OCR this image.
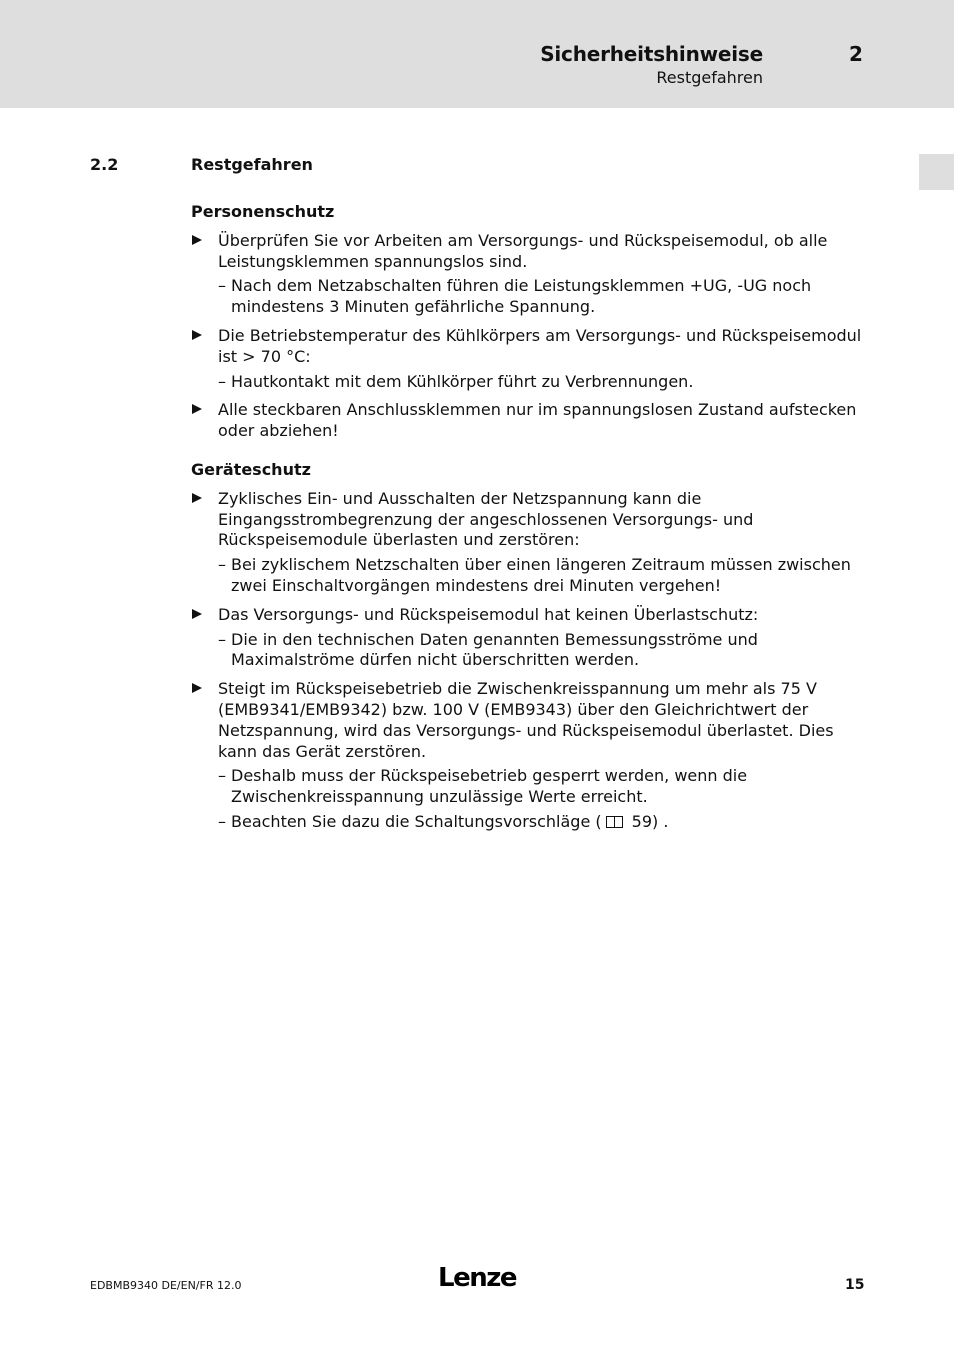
Sicherheitshinweise	2
Restgefahren
2.2	Restgefahren
Personenschutz
Überprüfen Sie vor Arbeiten am Versorgungs- und Rückspeisemodul, ob alle Leistungsklemmen spannungslos sind.
– Nach dem Netzabschalten führen die Leistungsklemmen +UG, -UG noch mindestens 3 Minuten gefährliche Spannung.
Die Betriebstemperatur des Kühlkörpers am Versorgungs- und Rückspeisemodul ist > 70 °C:
– Hautkontakt mit dem Kühlkörper führt zu Verbrennungen.
Alle steckbaren Anschlussklemmen nur im spannungslosen Zustand aufstecken oder abziehen!
Geräteschutz
Zyklisches Ein- und Ausschalten der Netzspannung kann die Eingangsstrombegrenzung der angeschlossenen Versorgungs- und Rückspeisemodule überlasten und zerstören:
– Bei zyklischem Netzschalten über einen längeren Zeitraum müssen zwischen zwei Einschaltvorgängen mindestens drei Minuten vergehen!
Das Versorgungs- und Rückspeisemodul hat keinen Überlastschutz:
– Die in den technischen Daten genannten Bemessungsströme und Maximalströme dürfen nicht überschritten werden.
Steigt im Rückspeisebetrieb die Zwischenkreisspannung um mehr als 75 V (EMB9341/EMB9342) bzw. 100 V (EMB9343) über den Gleichrichtwert der Netzspannung, wird das Versorgungs- und Rückspeisemodul überlastet. Dies kann das Gerät zerstören.
– Deshalb muss der Rückspeisebetrieb gesperrt werden, wenn die Zwischenkreisspannung unzulässige Werte erreicht.
– Beachten Sie dazu die Schaltungsvorschläge ( 59) .
EDBMB9340 DE/EN/FR 12.0	Lenze	15
